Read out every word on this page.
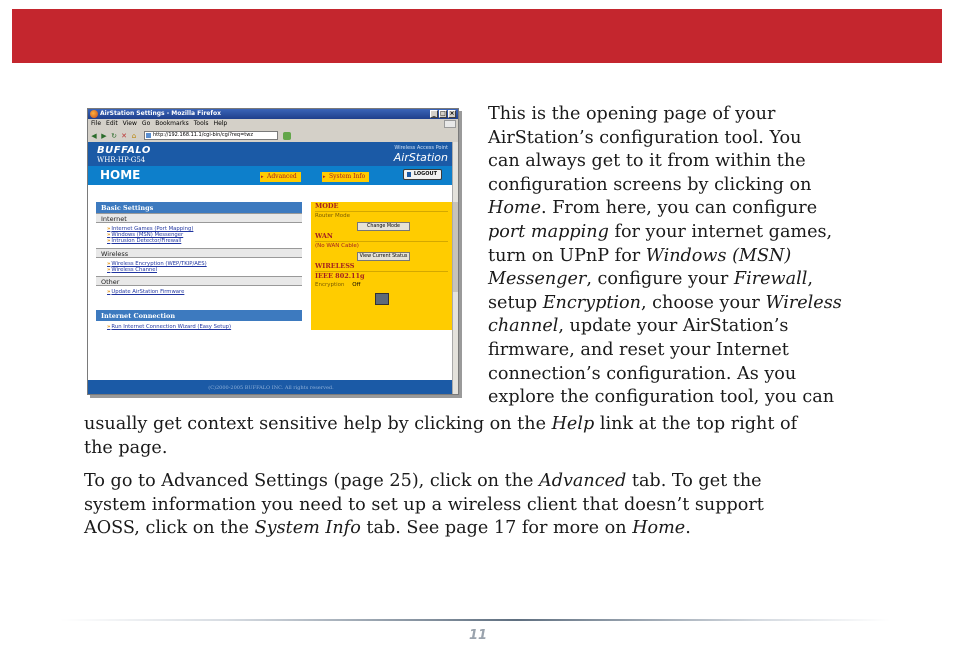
AirStation Settings - Mozilla Firefox	_ □ ×
File Edit View Go Bookmarks Tools Help
◀ ▶ ↻ ✕ ⌂	http://192.168.11.1/cgi-bin/cgi?req=twz
BUFFALO
WHR-HP-G54
Wireless Access Point
AirStation
HOME	▸ Advanced	▸ System Info	LOGOUT
Basic Settings
Internet
»Internet Games (Port Mapping)
»Windows (MSN) Messenger
»Intrusion Detector/Firewall
Wireless
»Wireless Encryption (WEP/TKIP/AES)
»Wireless Channel
Other
»Update AirStation Firmware
Internet Connection
»Run Internet Connection Wizard (Easy Setup)
MODE
Router Mode
Change Mode
WAN
(No WAN Cable)
View Current Status
WIRELESS
IEEE 802.11g
Encryption Off
(C)2000-2005 BUFFALO INC. All rights reserved.

This is the opening page of your

AirStation’s configuration tool. You

can always get to it from within the

configuration screens by clicking on

Home. From here, you can configure

port mapping for your internet games,

turn on UPnP for Windows (MSN)

Messenger, configure your Firewall,

setup Encryption, choose your Wireless

channel, update your AirStation’s

firmware, and reset your Internet

connection’s configuration. As you

explore the configuration tool, you can

usually get context sensitive help by clicking on the Help link at the top right of

the page.

To go to Advanced Settings (page 25), click on the Advanced tab. To get the

system information you need to set up a wireless client that doesn’t support

AOSS, click on the System Info tab. See page 17 for more on Home.

11
